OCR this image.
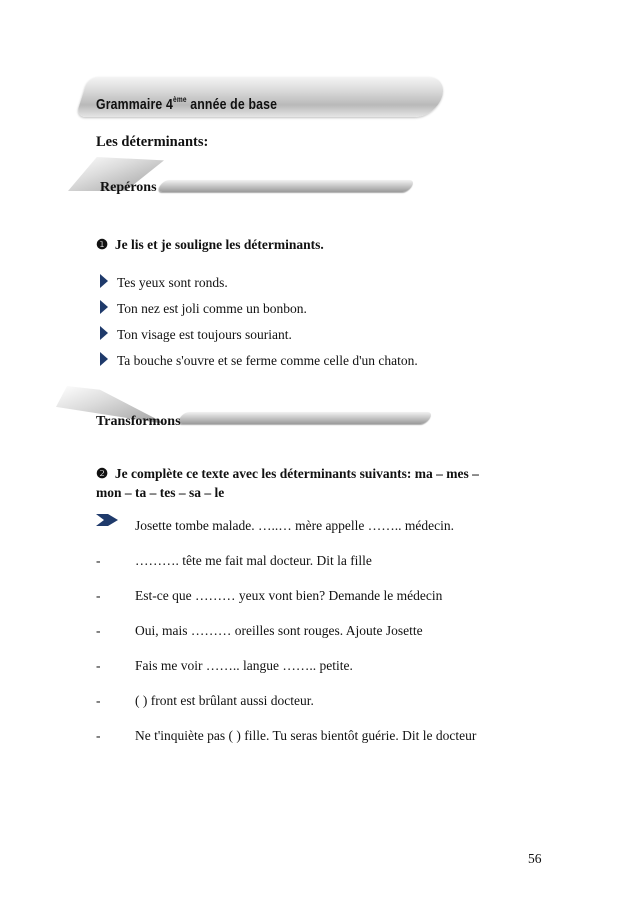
Grammaire 4ème année de base
Les déterminants:
Repérons
❶ Je lis et je souligne les déterminants.
Tes yeux sont ronds.
Ton nez est joli comme un bonbon.
Ton visage est toujours souriant.
Ta bouche s'ouvre et se ferme comme celle d'un chaton.
Transformons
❷ Je complète ce texte avec les déterminants suivants: ma – mes –
mon – ta – tes – sa – le
Josette tombe malade. …..… mère appelle …….. médecin.
-	………. tête me fait mal docteur. Dit la fille
-	Est-ce que ……… yeux vont bien? Demande le médecin
-	Oui, mais ……… oreilles sont rouges. Ajoute Josette
-	Fais me voir …….. langue …….. petite.
-	( ) front est brûlant aussi docteur.
-	Ne t'inquiète pas ( ) fille. Tu seras bientôt guérie. Dit le docteur
56
